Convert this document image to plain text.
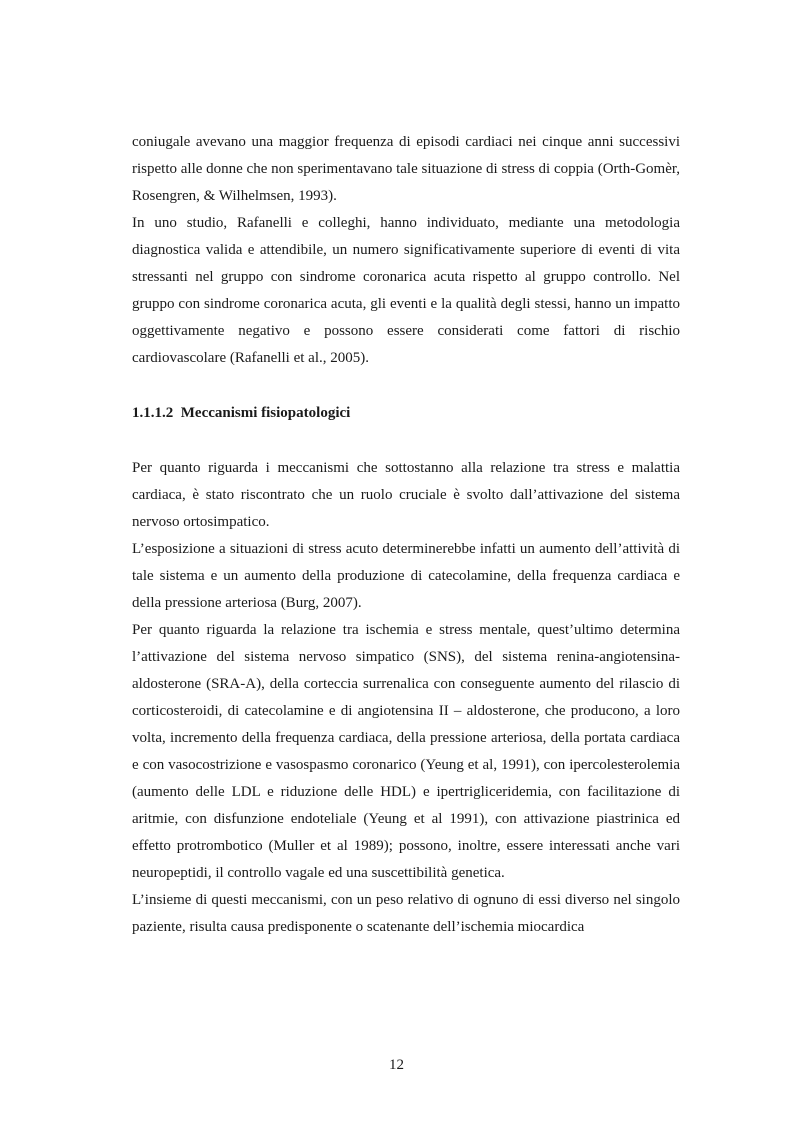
coniugale avevano una maggior frequenza di episodi cardiaci nei cinque anni successivi rispetto alle donne che non sperimentavano tale situazione di stress di coppia (Orth-Gomèr, Rosengren, & Wilhelmsen, 1993).

In uno studio, Rafanelli e colleghi, hanno individuato, mediante una metodologia diagnostica valida e attendibile, un numero significativamente superiore di eventi di vita stressanti nel gruppo con sindrome coronarica acuta rispetto al gruppo controllo. Nel gruppo con sindrome coronarica acuta, gli eventi e la qualità degli stessi, hanno un impatto oggettivamente negativo e possono essere considerati come fattori di rischio cardiovascolare (Rafanelli et al., 2005).

1.1.1.2 Meccanismi fisiopatologici

Per quanto riguarda i meccanismi che sottostanno alla relazione tra stress e malattia cardiaca, è stato riscontrato che un ruolo cruciale è svolto dall’attivazione del sistema nervoso ortosimpatico.

L’esposizione a situazioni di stress acuto determinerebbe infatti un aumento dell’attività di tale sistema e un aumento della produzione di catecolamine, della frequenza cardiaca e della pressione arteriosa (Burg, 2007).

Per quanto riguarda la relazione tra ischemia e stress mentale, quest’ultimo determina l’attivazione del sistema nervoso simpatico (SNS), del sistema renina-angiotensina-aldosterone (SRA-A), della corteccia surrenalica con conseguente aumento del rilascio di corticosteroidi, di catecolamine e di angiotensina II – aldosterone, che producono, a loro volta, incremento della frequenza cardiaca, della pressione arteriosa, della portata cardiaca e con vasocostrizione e vasospasmo coronarico (Yeung et al, 1991), con ipercolesterolemia (aumento delle LDL e riduzione delle HDL) e ipertrigliceridemia, con facilitazione di aritmie, con disfunzione endoteliale (Yeung et al 1991), con attivazione piastrinica ed effetto protrombotico (Muller et al 1989); possono, inoltre, essere interessati anche vari neuropeptidi, il controllo vagale ed una suscettibilità genetica.

L’insieme di questi meccanismi, con un peso relativo di ognuno di essi diverso nel singolo paziente, risulta causa predisponente o scatenante dell’ischemia miocardica

12
